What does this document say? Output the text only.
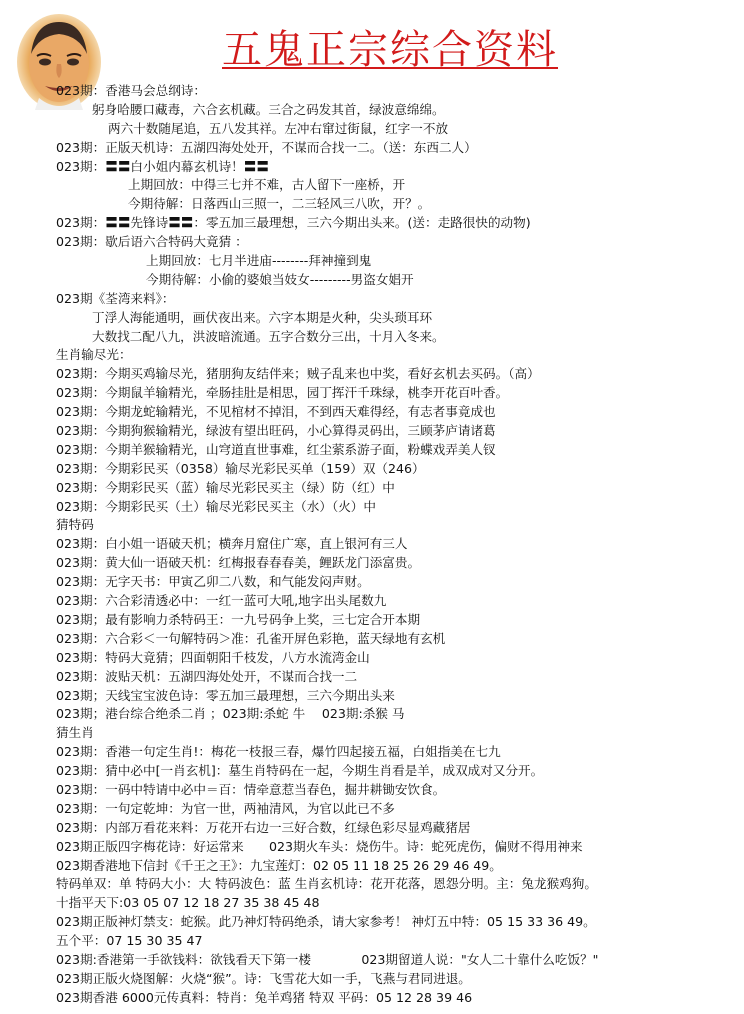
五鬼正宗综合资料
023期：香港马会总纲诗：
躬身哈腰口藏毒，六合玄机藏。三合之码发其首，绿波意绵绵。
两六十数随尾追，五八发其祥。左冲右窜过街鼠，红字一不放
023期：正版天机诗：五湖四海处处开，不谋而合找一二。（送：东西二人）
023期：〓〓白小姐内幕玄机诗！〓〓
上期回放：中得三七并不难，古人留下一座桥，开
今期待解：日落西山三照一，二三轻风三八吹，开？。
023期：〓〓先锋诗〓〓：零五加三最理想，三六今期出头来。(送：走路很快的动物)
023期：歇后语六合特码大竟猜 ：
上期回放：七月半进庙--------拜神撞到鬼
今期待解：小偷的婆娘当妓女---------男盗女娼开
023期《荃湾来料》：
丁浮人海能通明，画伏夜出来。六字本期是火种，尖头琐耳环
大数找二配八九，洪波暗流通。五字合数分三出，十月入冬来。
生肖输尽光：
023期：今期买鸡输尽光，猪朋狗友结伴来；贼子乱来也中奖，看好玄机去买码。（高）
023期：今期鼠羊输精光，牵肠挂肚是相思，园丁挥汗千珠绿，桃李开花百叶香。
023期：今期龙蛇输精光，不见棺材不掉泪，不到西天难得经，有志者事竟成也
023期：今期狗猴输精光，绿波有望出旺码，小心算得灵码出，三顾茅庐请诸葛
023期：今期羊猴输精光，山穹道直世事难，红尘萦系游子面，粉蝶戏弄美人钗
023期：今期彩民买（0358）输尽光彩民买单（159）双（246）
023期：今期彩民买（蓝）输尽光彩民买主（绿）防（红）中
023期：今期彩民买（土）输尽光彩民买主（水）（火）中
猜特码
023期：白小姐一语破天机；横奔月窟住广寒，直上银河有三人
023期：黄大仙一语破天机：红梅报春春春美，鲤跃龙门添富贵。
023期：无字天书：甲寅乙卯二八数，和气能发闷声财。
023期：六合彩清透必中：一红一蓝可大吼,地字出头尾数九
023期；最有影响力杀特码王：一九号码争上奖，三七定合开本期
023期：六合彩＜一句解特码＞准：孔雀开屏色彩艳，蓝天绿地有玄机
023期：特码大竟猜；四面朝阳千枝发，八方水流湾金山
023期：波贴天机：五湖四海处处开，不谋而合找一二
023期；天线宝宝波色诗：零五加三最理想，三六今期出头来
023期；港台综合绝杀二肖 ；023期:杀蛇 牛　 023期:杀猴 马
猜生肖
023期：香港一句定生肖!：梅花一枝报三春，爆竹四起接五福，白姐指美在七九
023期：猜中必中[一肖玄机]：墓生肖特码在一起，今期生肖看是羊，成双成对又分开。
023期：一码中特请中必中＝百：情牵意惹当春色，掘井耕锄安饮食。
023期：一句定乾坤：为官一世，两袖清风，为官以此已不多
023期：内部万看花来料：万花开右边一三好合数，红绿色彩尽显鸡藏猪居
023期正版四字梅花诗：好运常来　　023期火车头：烧伤牛。诗：蛇死虎伤，偏财不得用神来
023期香港地下信封《千王之王》：九宝莲灯：02 05 11 18 25 26 29 46 49。
特码单双：单 特码大小：大 特码波色：蓝 生肖玄机诗：花开花落，恩怨分明。主：兔龙猴鸡狗。
十指平天下:03 05 07 12 18 27 35 38 45 48
023期正版神灯禁支：蛇猴。此乃神灯特码绝杀，请大家参考！ 神灯五中特：05 15 33 36 49。
五个平：07 15 30 35 47
023期:香港第一手欲钱料：欲钱看天下第一楼　　　　023期留道人说："女人二十靠什么吃饭？"
023期正版火烧图解：火烧“猴”。诗：飞雪花大如一手，飞燕与君同进退。
023期香港 6000元传真料：特肖：兔羊鸡猪 特双 平码：05 12 28 39 46
